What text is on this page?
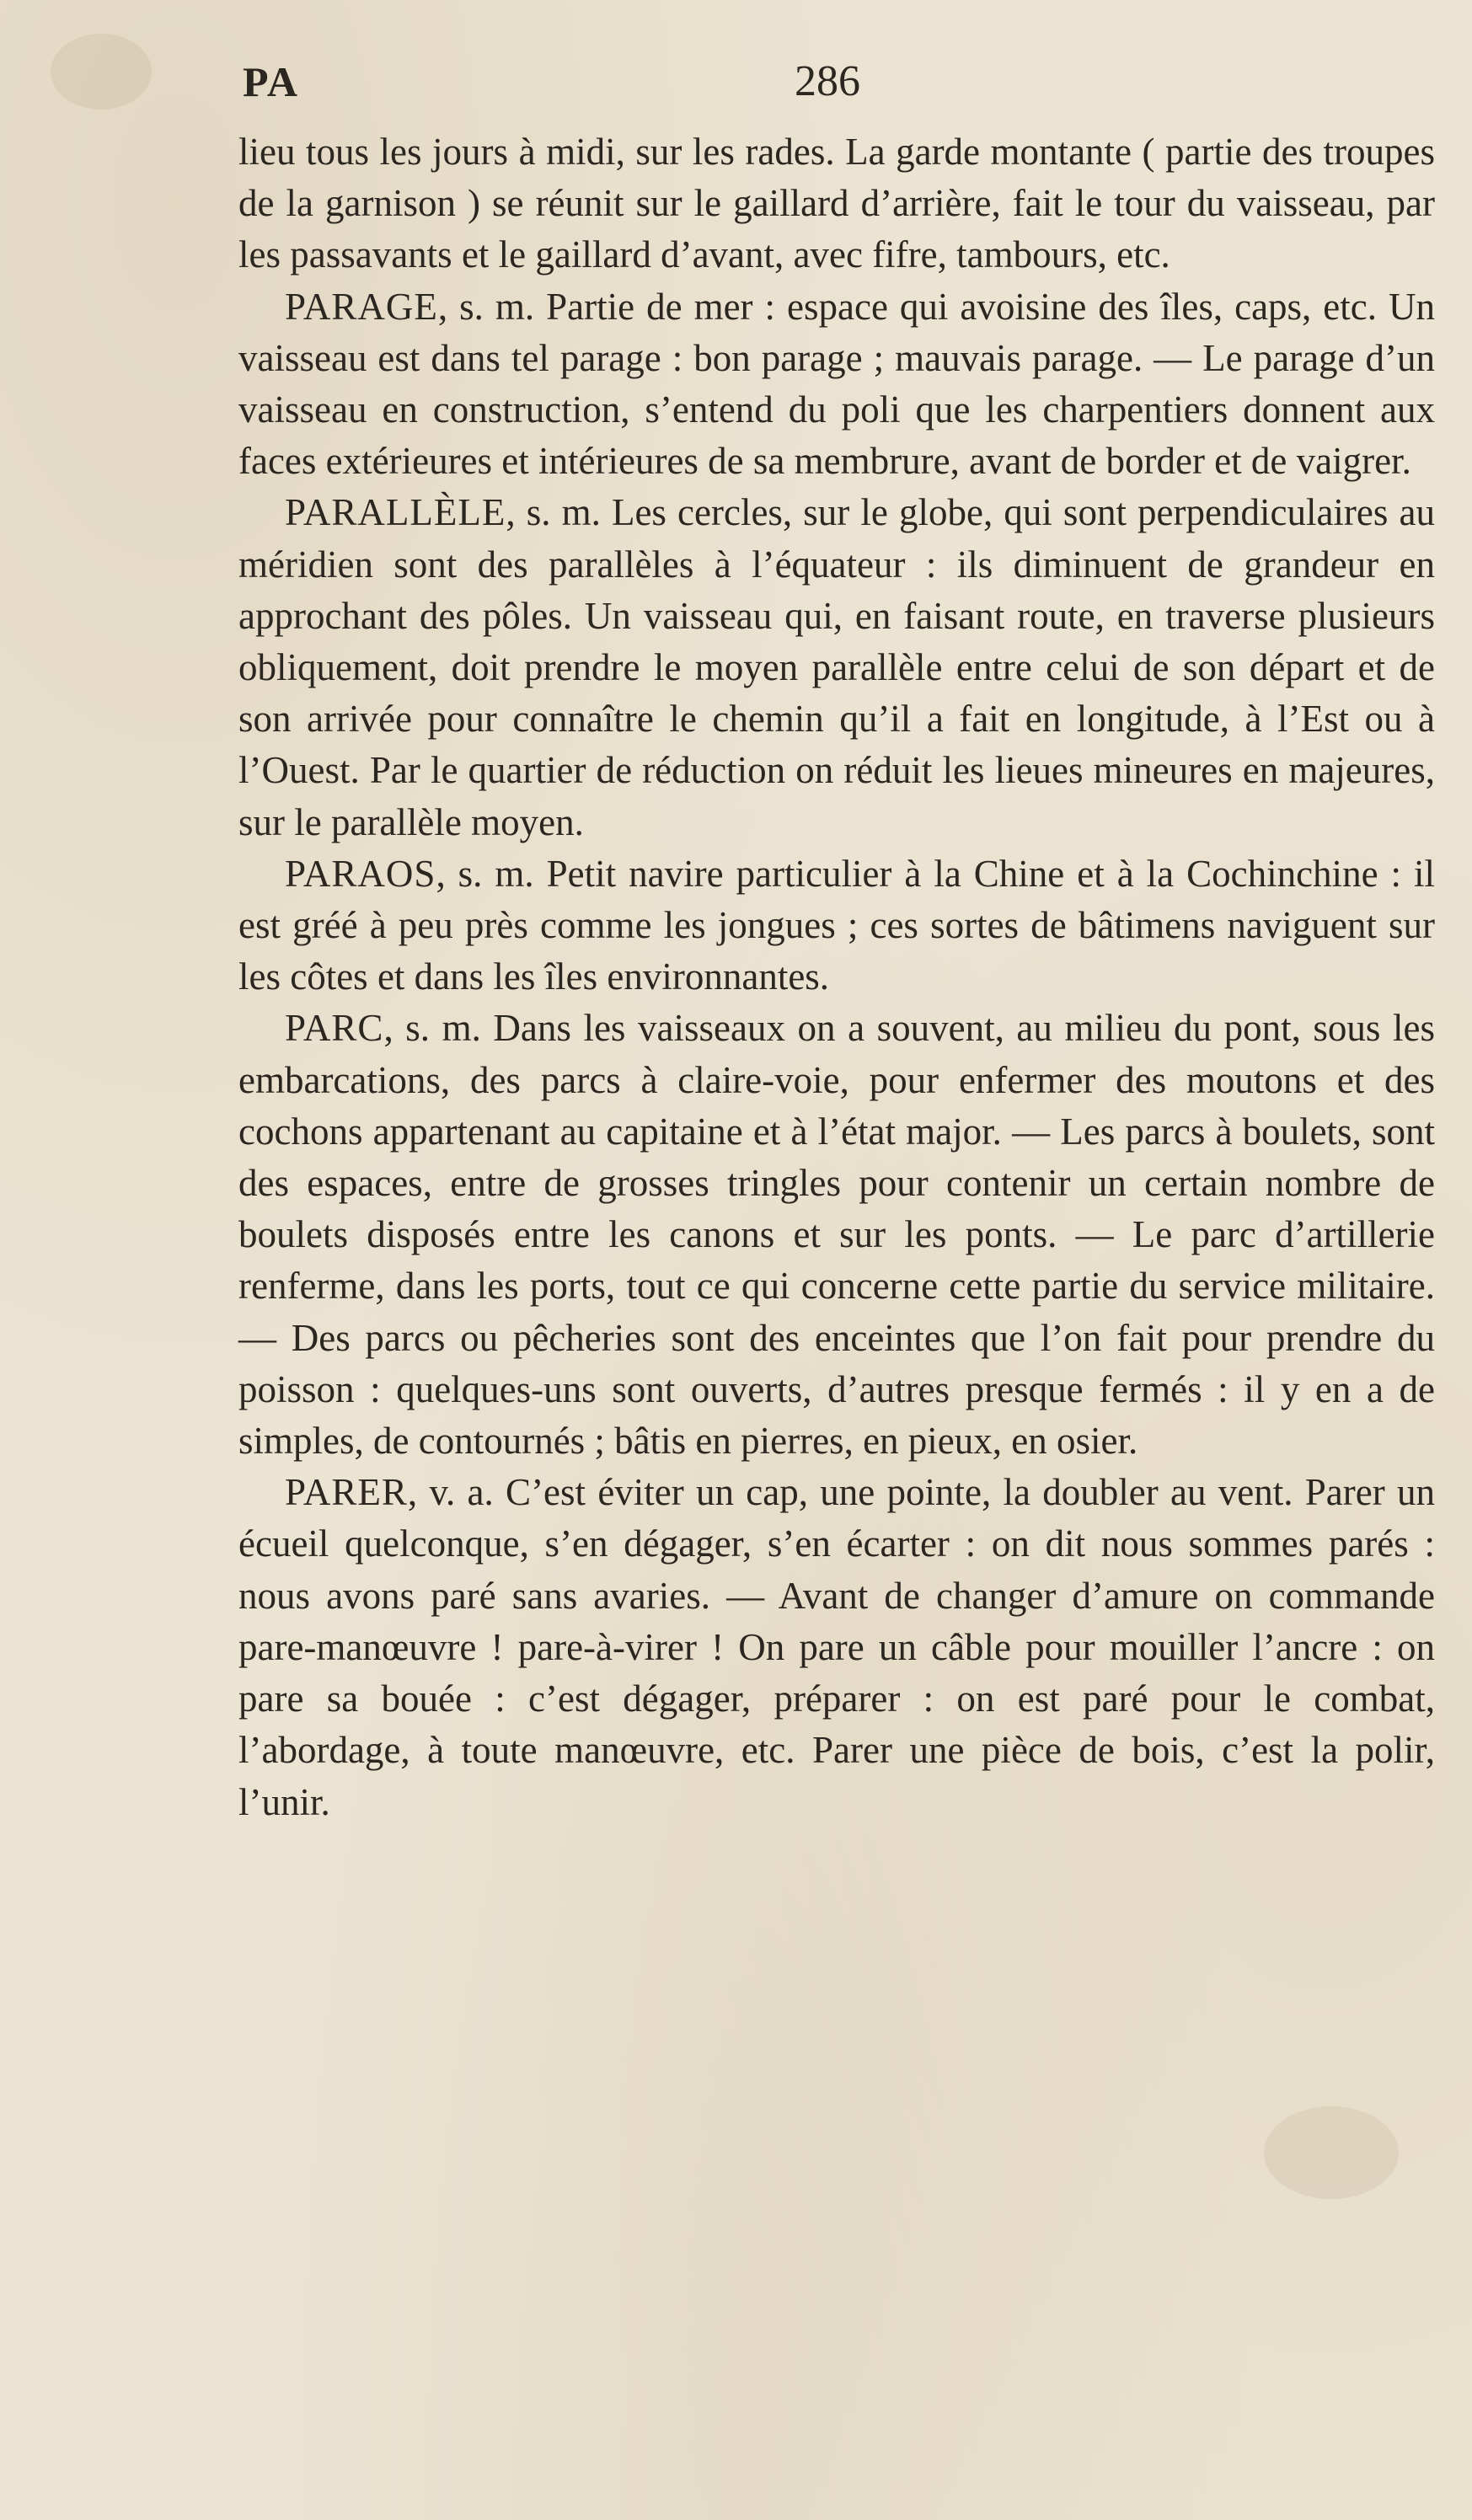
PA	286

lieu tous les jours à midi, sur les rades. La garde montante ( partie des troupes de la garnison ) se réunit sur le gaillard d’arrière, fait le tour du vaisseau, par les passavants et le gaillard d’avant, avec fifre, tambours, etc.

PARAGE, s. m. Partie de mer : espace qui avoisine des îles, caps, etc. Un vaisseau est dans tel parage : bon parage ; mauvais parage. — Le parage d’un vaisseau en construction, s’entend du poli que les charpentiers donnent aux faces extérieures et intérieures de sa membrure, avant de border et de vaigrer.

PARALLÈLE, s. m. Les cercles, sur le globe, qui sont perpendiculaires au méridien sont des parallèles à l’équateur : ils diminuent de grandeur en approchant des pôles. Un vaisseau qui, en faisant route, en traverse plusieurs obliquement, doit prendre le moyen parallèle entre celui de son départ et de son arrivée pour connaître le chemin qu’il a fait en longitude, à l’Est ou à l’Ouest. Par le quartier de réduction on réduit les lieues mineures en majeures, sur le parallèle moyen.

PARAOS, s. m. Petit navire particulier à la Chine et à la Cochinchine : il est gréé à peu près comme les jongues ; ces sortes de bâtimens naviguent sur les côtes et dans les îles environnantes.

PARC, s. m. Dans les vaisseaux on a souvent, au milieu du pont, sous les embarcations, des parcs à claire-voie, pour enfermer des moutons et des cochons appartenant au capitaine et à l’état major. — Les parcs à boulets, sont des espaces, entre de grosses tringles pour contenir un certain nombre de boulets disposés entre les canons et sur les ponts. — Le parc d’artillerie renferme, dans les ports, tout ce qui concerne cette partie du service militaire. — Des parcs ou pêcheries sont des enceintes que l’on fait pour prendre du poisson : quelques-uns sont ouverts, d’autres presque fermés : il y en a de simples, de contournés ; bâtis en pierres, en pieux, en osier.

PARER, v. a. C’est éviter un cap, une pointe, la doubler au vent. Parer un écueil quelconque, s’en dégager, s’en écarter : on dit nous sommes parés : nous avons paré sans avaries. — Avant de changer d’amure on commande pare-manœuvre ! pare-à-virer ! On pare un câble pour mouiller l’ancre : on pare sa bouée : c’est dégager, préparer : on est paré pour le combat, l’abordage, à toute manœuvre, etc. Parer une pièce de bois, c’est la polir, l’unir.
